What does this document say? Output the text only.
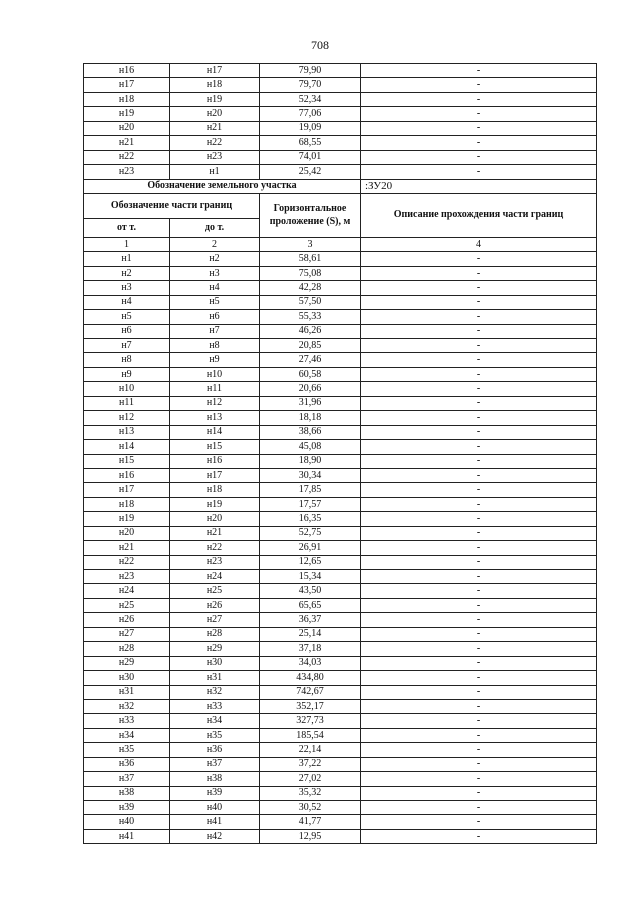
708
н16	н17	79,90	-
н17	н18	79,70	-
н18	н19	52,34	-
н19	н20	77,06	-
н20	н21	19,09	-
н21	н22	68,55	-
н22	н23	74,01	-
н23	н1	25,42	-
Обозначение земельного участка			:ЗУ20
Обозначение части границ		Горизонтальное проложение (S), м	Описание прохождения части границ
от т.	до т.		
1	2	3	4
н1	н2	58,61	-
н2	н3	75,08	-
н3	н4	42,28	-
н4	н5	57,50	-
н5	н6	55,33	-
н6	н7	46,26	-
н7	н8	20,85	-
н8	н9	27,46	-
н9	н10	60,58	-
н10	н11	20,66	-
н11	н12	31,96	-
н12	н13	18,18	-
н13	н14	38,66	-
н14	н15	45,08	-
н15	н16	18,90	-
н16	н17	30,34	-
н17	н18	17,85	-
н18	н19	17,57	-
н19	н20	16,35	-
н20	н21	52,75	-
н21	н22	26,91	-
н22	н23	12,65	-
н23	н24	15,34	-
н24	н25	43,50	-
н25	н26	65,65	-
н26	н27	36,37	-
н27	н28	25,14	-
н28	н29	37,18	-
н29	н30	34,03	-
н30	н31	434,80	-
н31	н32	742,67	-
н32	н33	352,17	-
н33	н34	327,73	-
н34	н35	185,54	-
н35	н36	22,14	-
н36	н37	37,22	-
н37	н38	27,02	-
н38	н39	35,32	-
н39	н40	30,52	-
н40	н41	41,77	-
н41	н42	12,95	-
